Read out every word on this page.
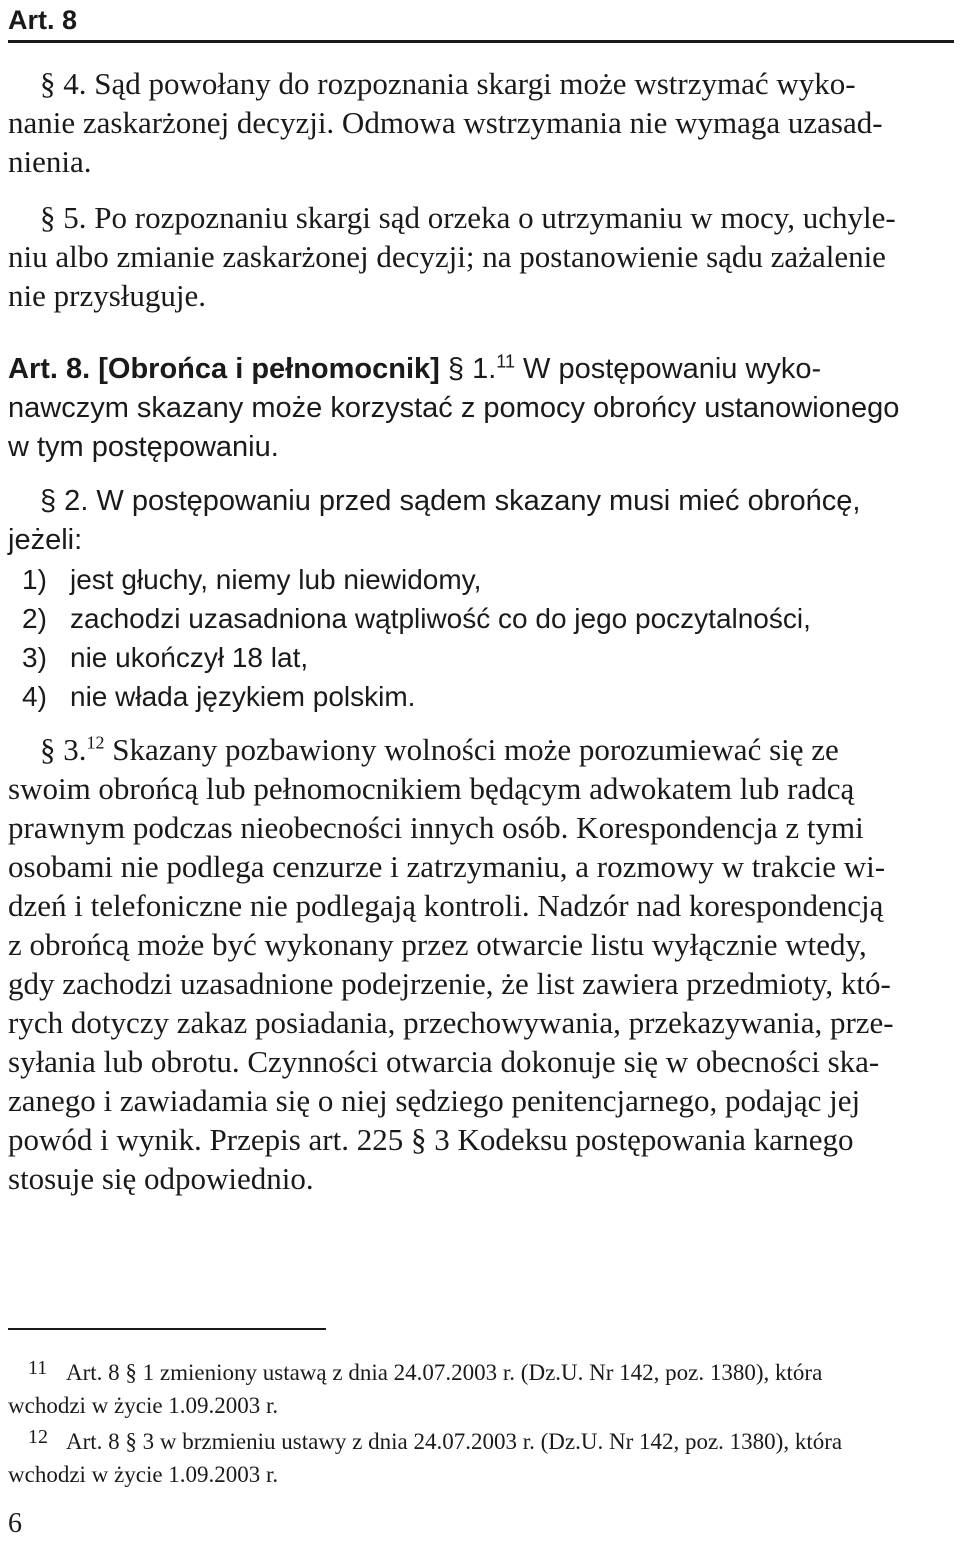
Art. 8
§ 4. Sąd powołany do rozpoznania skargi może wstrzymać wyko-
nanie zaskarżonej decyzji. Odmowa wstrzymania nie wymaga uzasad-
nienia.
§ 5. Po rozpoznaniu skargi sąd orzeka o utrzymaniu w mocy, uchyle-
niu albo zmianie zaskarżonej decyzji; na postanowienie sądu zażalenie
nie przysługuje.
Art. 8. [Obrońca i pełnomocnik] § 1.11 W postępowaniu wyko-
nawczym skazany może korzystać z pomocy obrońcy ustanowionego
w tym postępowaniu.
§ 2. W postępowaniu przed sądem skazany musi mieć obrońcę,
jeżeli:
1) jest głuchy, niemy lub niewidomy,
2) zachodzi uzasadniona wątpliwość co do jego poczytalności,
3) nie ukończył 18 lat,
4) nie włada językiem polskim.
§ 3.12 Skazany pozbawiony wolności może porozumiewać się ze
swoim obrońcą lub pełnomocnikiem będącym adwokatem lub radcą
prawnym podczas nieobecności innych osób. Korespondencja z tymi
osobami nie podlega cenzurze i zatrzymaniu, a rozmowy w trakcie wi-
dzeń i telefoniczne nie podlegają kontroli. Nadzór nad korespondencją
z obrońcą może być wykonany przez otwarcie listu wyłącznie wtedy,
gdy zachodzi uzasadnione podejrzenie, że list zawiera przedmioty, któ-
rych dotyczy zakaz posiadania, przechowywania, przekazywania, prze-
syłania lub obrotu. Czynności otwarcia dokonuje się w obecności ska-
zanego i zawiadamia się o niej sędziego penitencjarnego, podając jej
powód i wynik. Przepis art. 225 § 3 Kodeksu postępowania karnego
stosuje się odpowiednio.
11 Art. 8 § 1 zmieniony ustawą z dnia 24.07.2003 r. (Dz.U. Nr 142, poz. 1380), która
wchodzi w życie 1.09.2003 r.
12 Art. 8 § 3 w brzmieniu ustawy z dnia 24.07.2003 r. (Dz.U. Nr 142, poz. 1380), która
wchodzi w życie 1.09.2003 r.
6
